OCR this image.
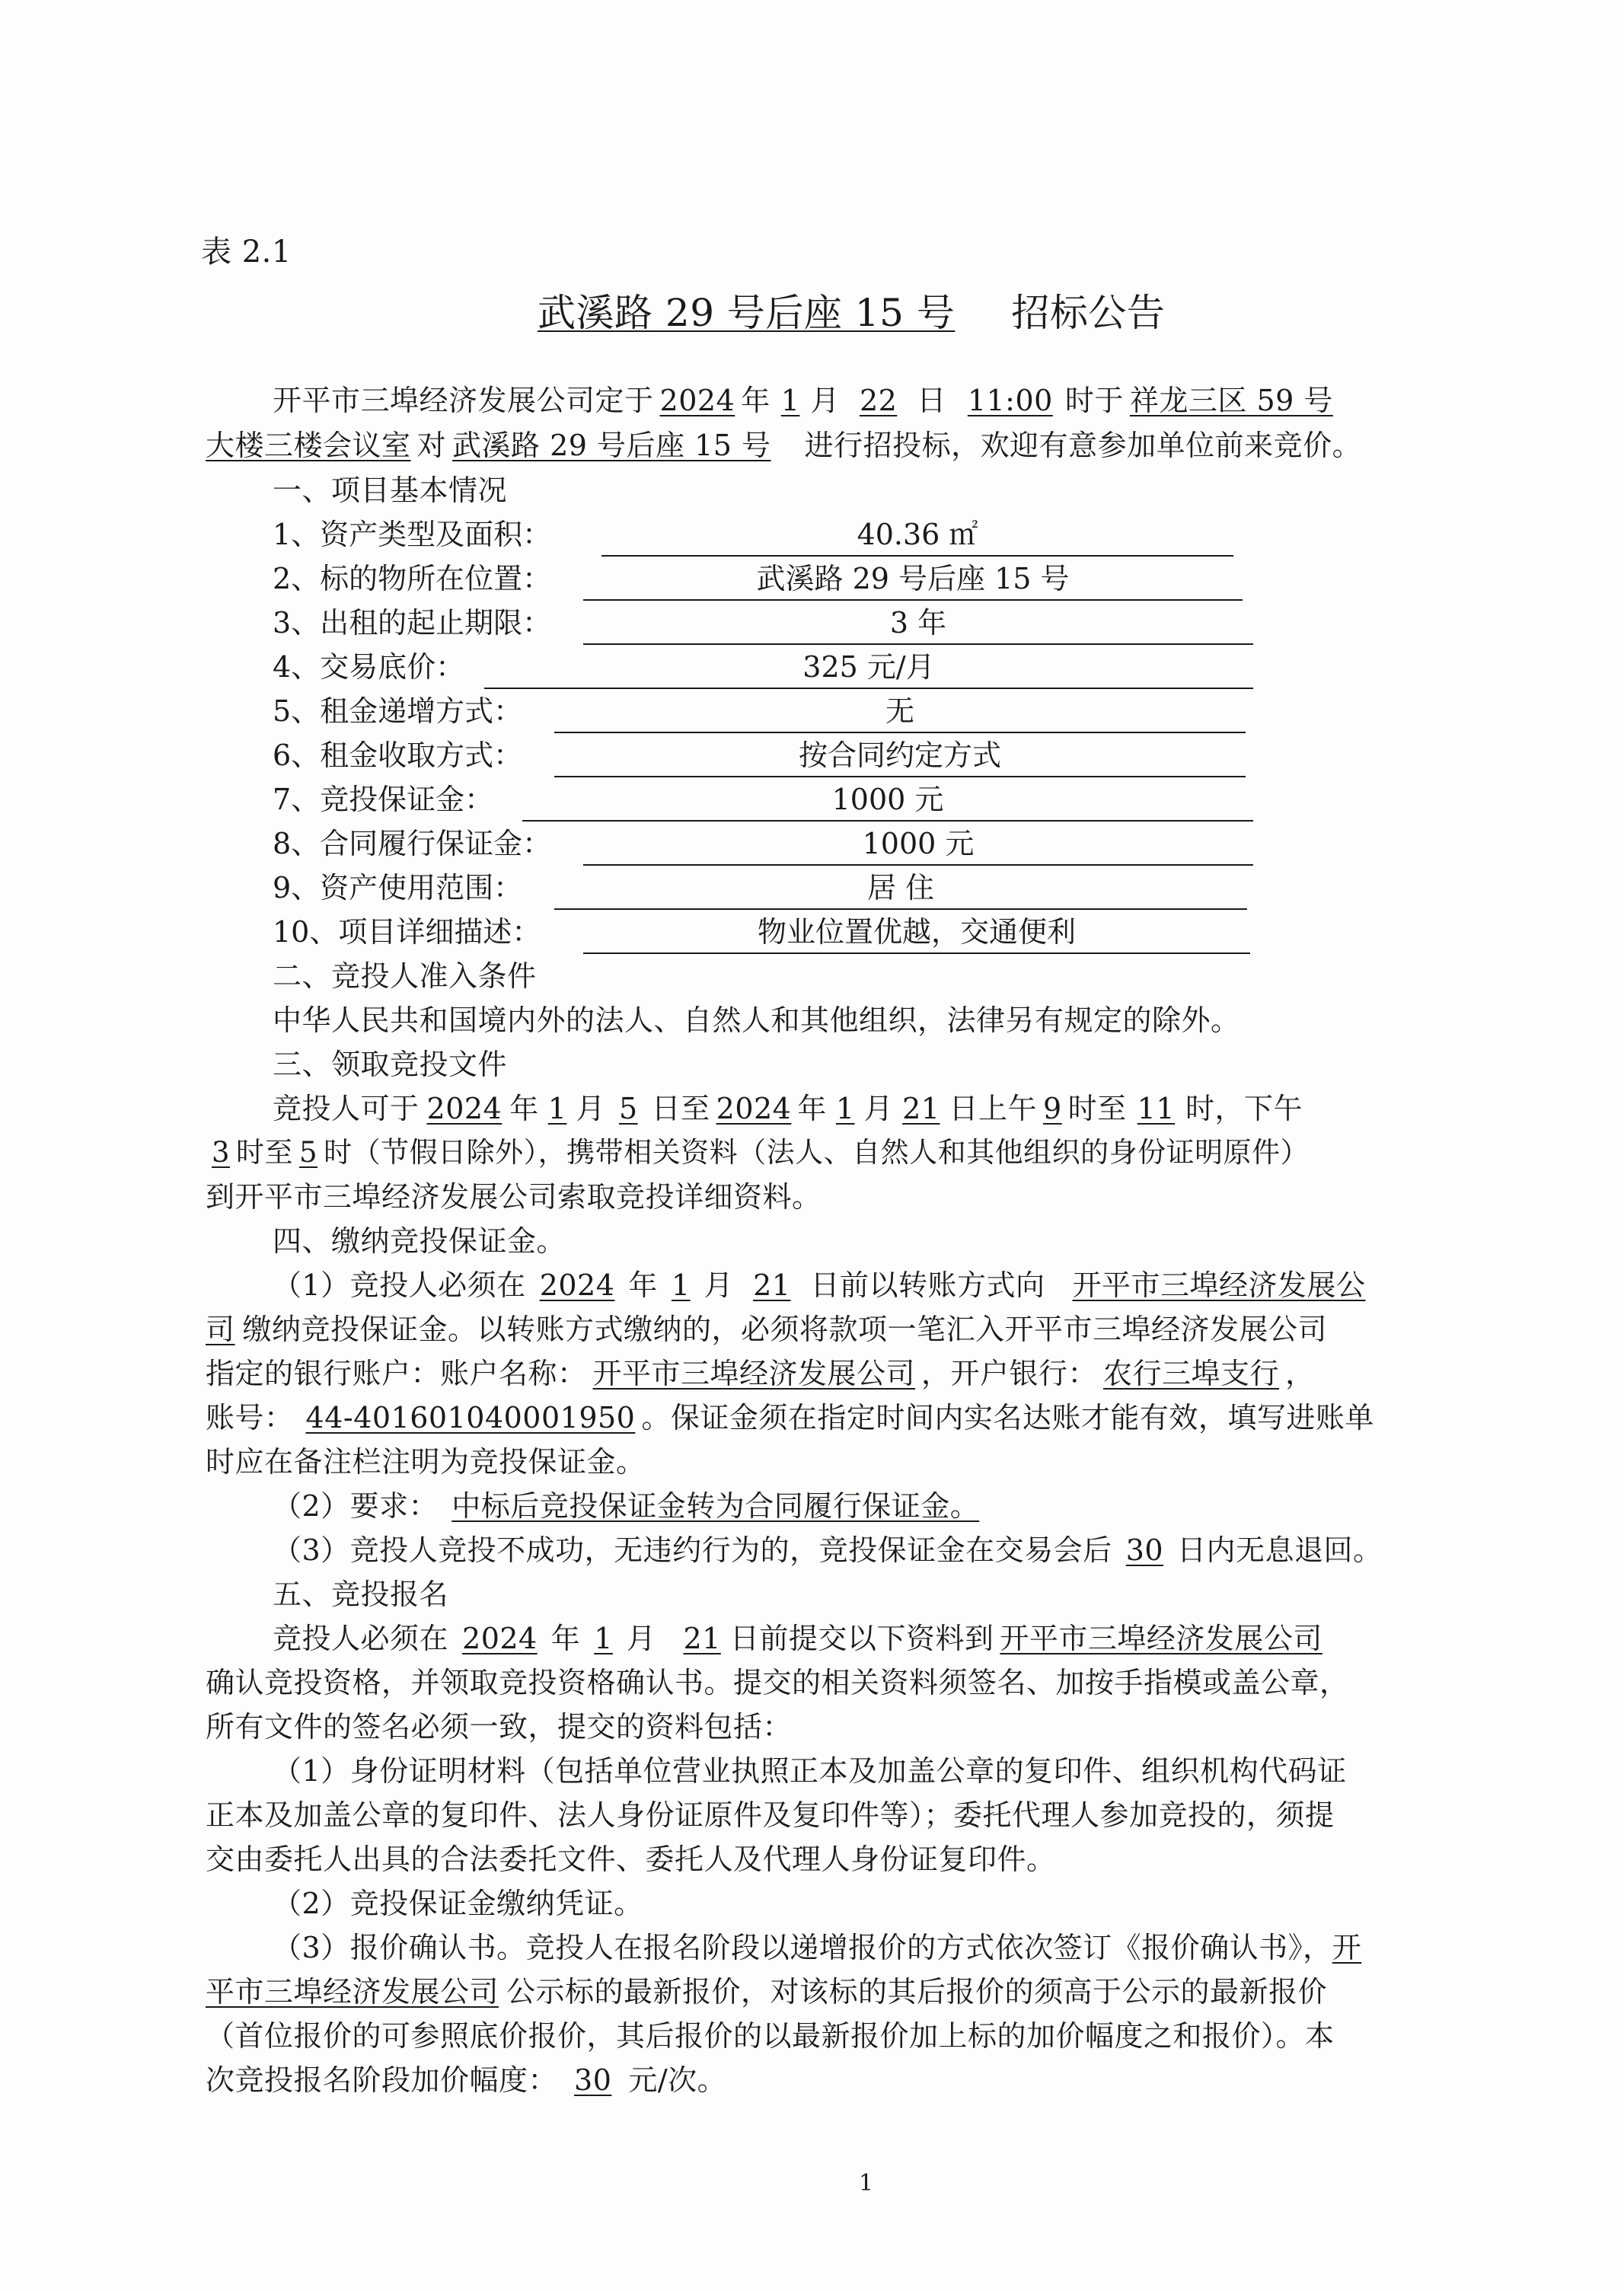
表 2.1
武溪路 29 号后座 15 号 招标公告
开平市三埠经济发展公司定于 2024 年 1 月 22 日 11:00 时于 祥龙三区 59 号
大楼三楼会议室 对 武溪路 29 号后座 15 号 进行招投标，欢迎有意参加单位前来竞价。
一、项目基本情况
1、资产类型及面积：	40.36 ㎡
2、标的物所在位置：	武溪路 29 号后座 15 号
3、出租的起止期限：	3 年
4、交易底价：	325 元/月
5、租金递增方式：	无
6、租金收取方式：	按合同约定方式
7、竞投保证金：	1000 元
8、合同履行保证金：	1000 元
9、资产使用范围：	居 住
10、项目详细描述：	物业位置优越，交通便利
二、竞投人准入条件
中华人民共和国境内外的法人、自然人和其他组织，法律另有规定的除外。
三、领取竞投文件
竞投人可于 2024 年 1 月 5 日至 2024 年 1 月 21 日上午 9 时至 11 时，下午
3 时至 5 时（节假日除外），携带相关资料（法人、自然人和其他组织的身份证明原件）
到开平市三埠经济发展公司索取竞投详细资料。
四、缴纳竞投保证金。
（1）竞投人必须在 2024 年 1 月 21 日前以转账方式向 开平市三埠经济发展公
司 缴纳竞投保证金。以转账方式缴纳的，必须将款项一笔汇入开平市三埠经济发展公司
指定的银行账户：账户名称： 开平市三埠经济发展公司 ，开户银行： 农行三埠支行 ，
账号： 44-401601040001950 。保证金须在指定时间内实名达账才能有效，填写进账单
时应在备注栏注明为竞投保证金。
（2）要求： 中标后竞投保证金转为合同履行保证金。
（3）竞投人竞投不成功，无违约行为的，竞投保证金在交易会后 30 日内无息退回。
五、竞投报名
竞投人必须在 2024 年 1 月 21 日前提交以下资料到 开平市三埠经济发展公司
确认竞投资格，并领取竞投资格确认书。提交的相关资料须签名、加按手指模或盖公章，
所有文件的签名必须一致，提交的资料包括：
（1）身份证明材料（包括单位营业执照正本及加盖公章的复印件、组织机构代码证
正本及加盖公章的复印件、法人身份证原件及复印件等）；委托代理人参加竞投的，须提
交由委托人出具的合法委托文件、委托人及代理人身份证复印件。
（2）竞投保证金缴纳凭证。
（3）报价确认书。竞投人在报名阶段以递增报价的方式依次签订《报价确认书》，开
平市三埠经济发展公司 公示标的最新报价，对该标的其后报价的须高于公示的最新报价
（首位报价的可参照底价报价，其后报价的以最新报价加上标的加价幅度之和报价）。本
次竞投报名阶段加价幅度： 30 元/次。
1
